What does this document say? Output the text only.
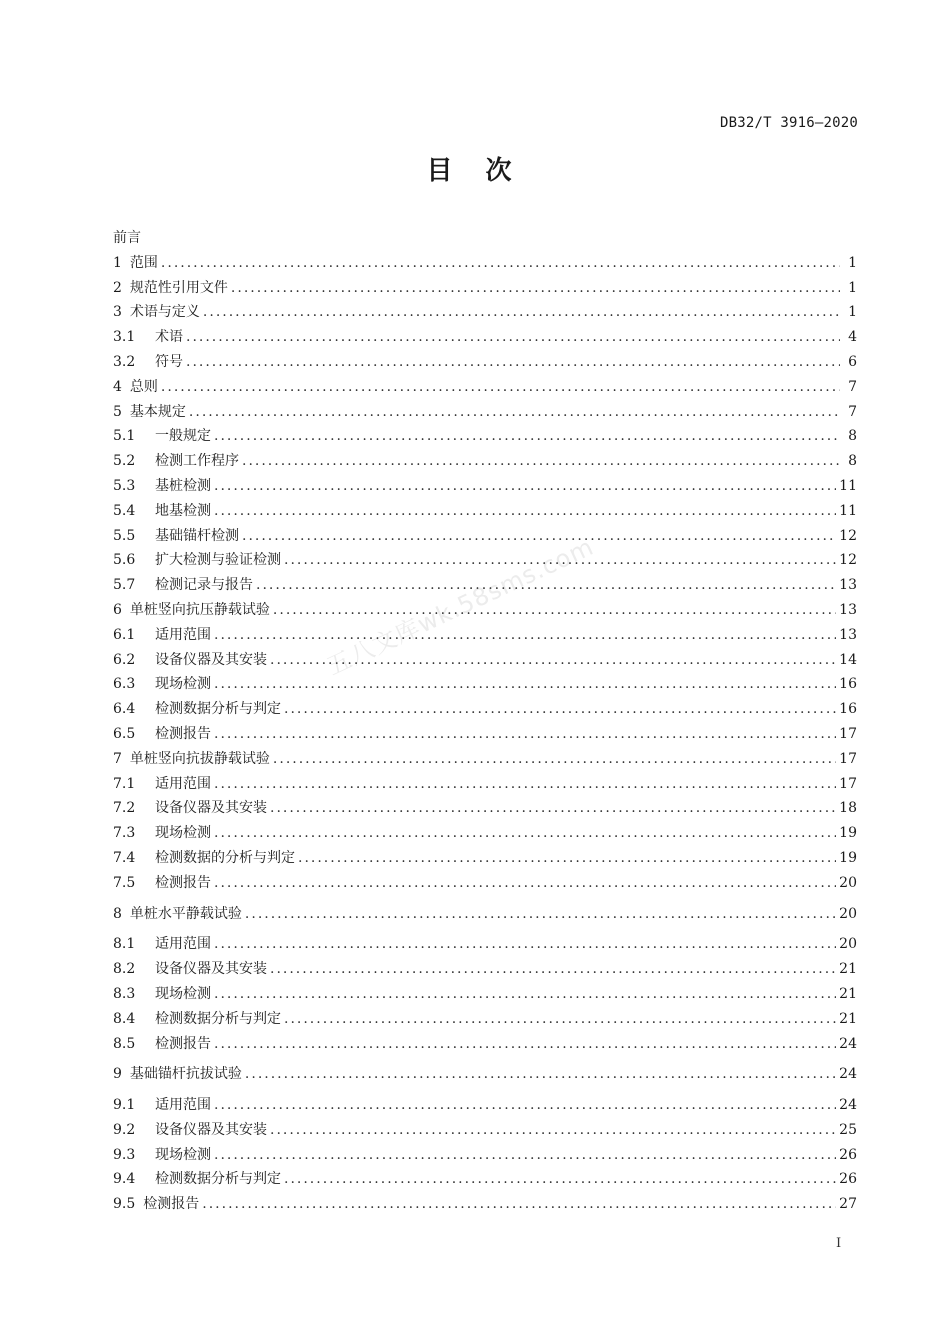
DB32/T 3916—2020
目 次
前言
1 范围 .....	1
2 规范性引用文件 .....	1
3 术语与定义 .....	1
3.1	术语 .....	4
3.2	符号 .....	6
4 总则 .....	7
5 基本规定 .....	7
5.1	一般规定 .....	8
5.2	检测工作程序 .....	8
5.3	基桩检测 .....	11
5.4	地基检测 .....	11
5.5	基础锚杆检测 .....	12
5.6	扩大检测与验证检测 .....	12
5.7	检测记录与报告 .....	13
6 单桩竖向抗压静载试验 .....	13
6.1	适用范围 .....	13
6.2	设备仪器及其安装 .....	14
6.3	现场检测 .....	16
6.4	检测数据分析与判定 .....	16
6.5	检测报告 .....	17
7 单桩竖向抗拔静载试验 .....	17
7.1	适用范围 .....	17
7.2	设备仪器及其安装 .....	18
7.3	现场检测 .....	19
7.4	检测数据的分析与判定 .....	19
7.5	检测报告 .....	20
8 单桩水平静载试验 .....	20
8.1	适用范围 .....	20
8.2	设备仪器及其安装 .....	21
8.3	现场检测 .....	21
8.4	检测数据分析与判定 .....	21
8.5	检测报告 .....	24
9 基础锚杆抗拔试验 .....	24
9.1	适用范围 .....	24
9.2	设备仪器及其安装 .....	25
9.3	现场检测 .....	26
9.4	检测数据分析与判定 .....	26
9.5 检测报告 .....	27
五八文库wk.58sms.com
I
